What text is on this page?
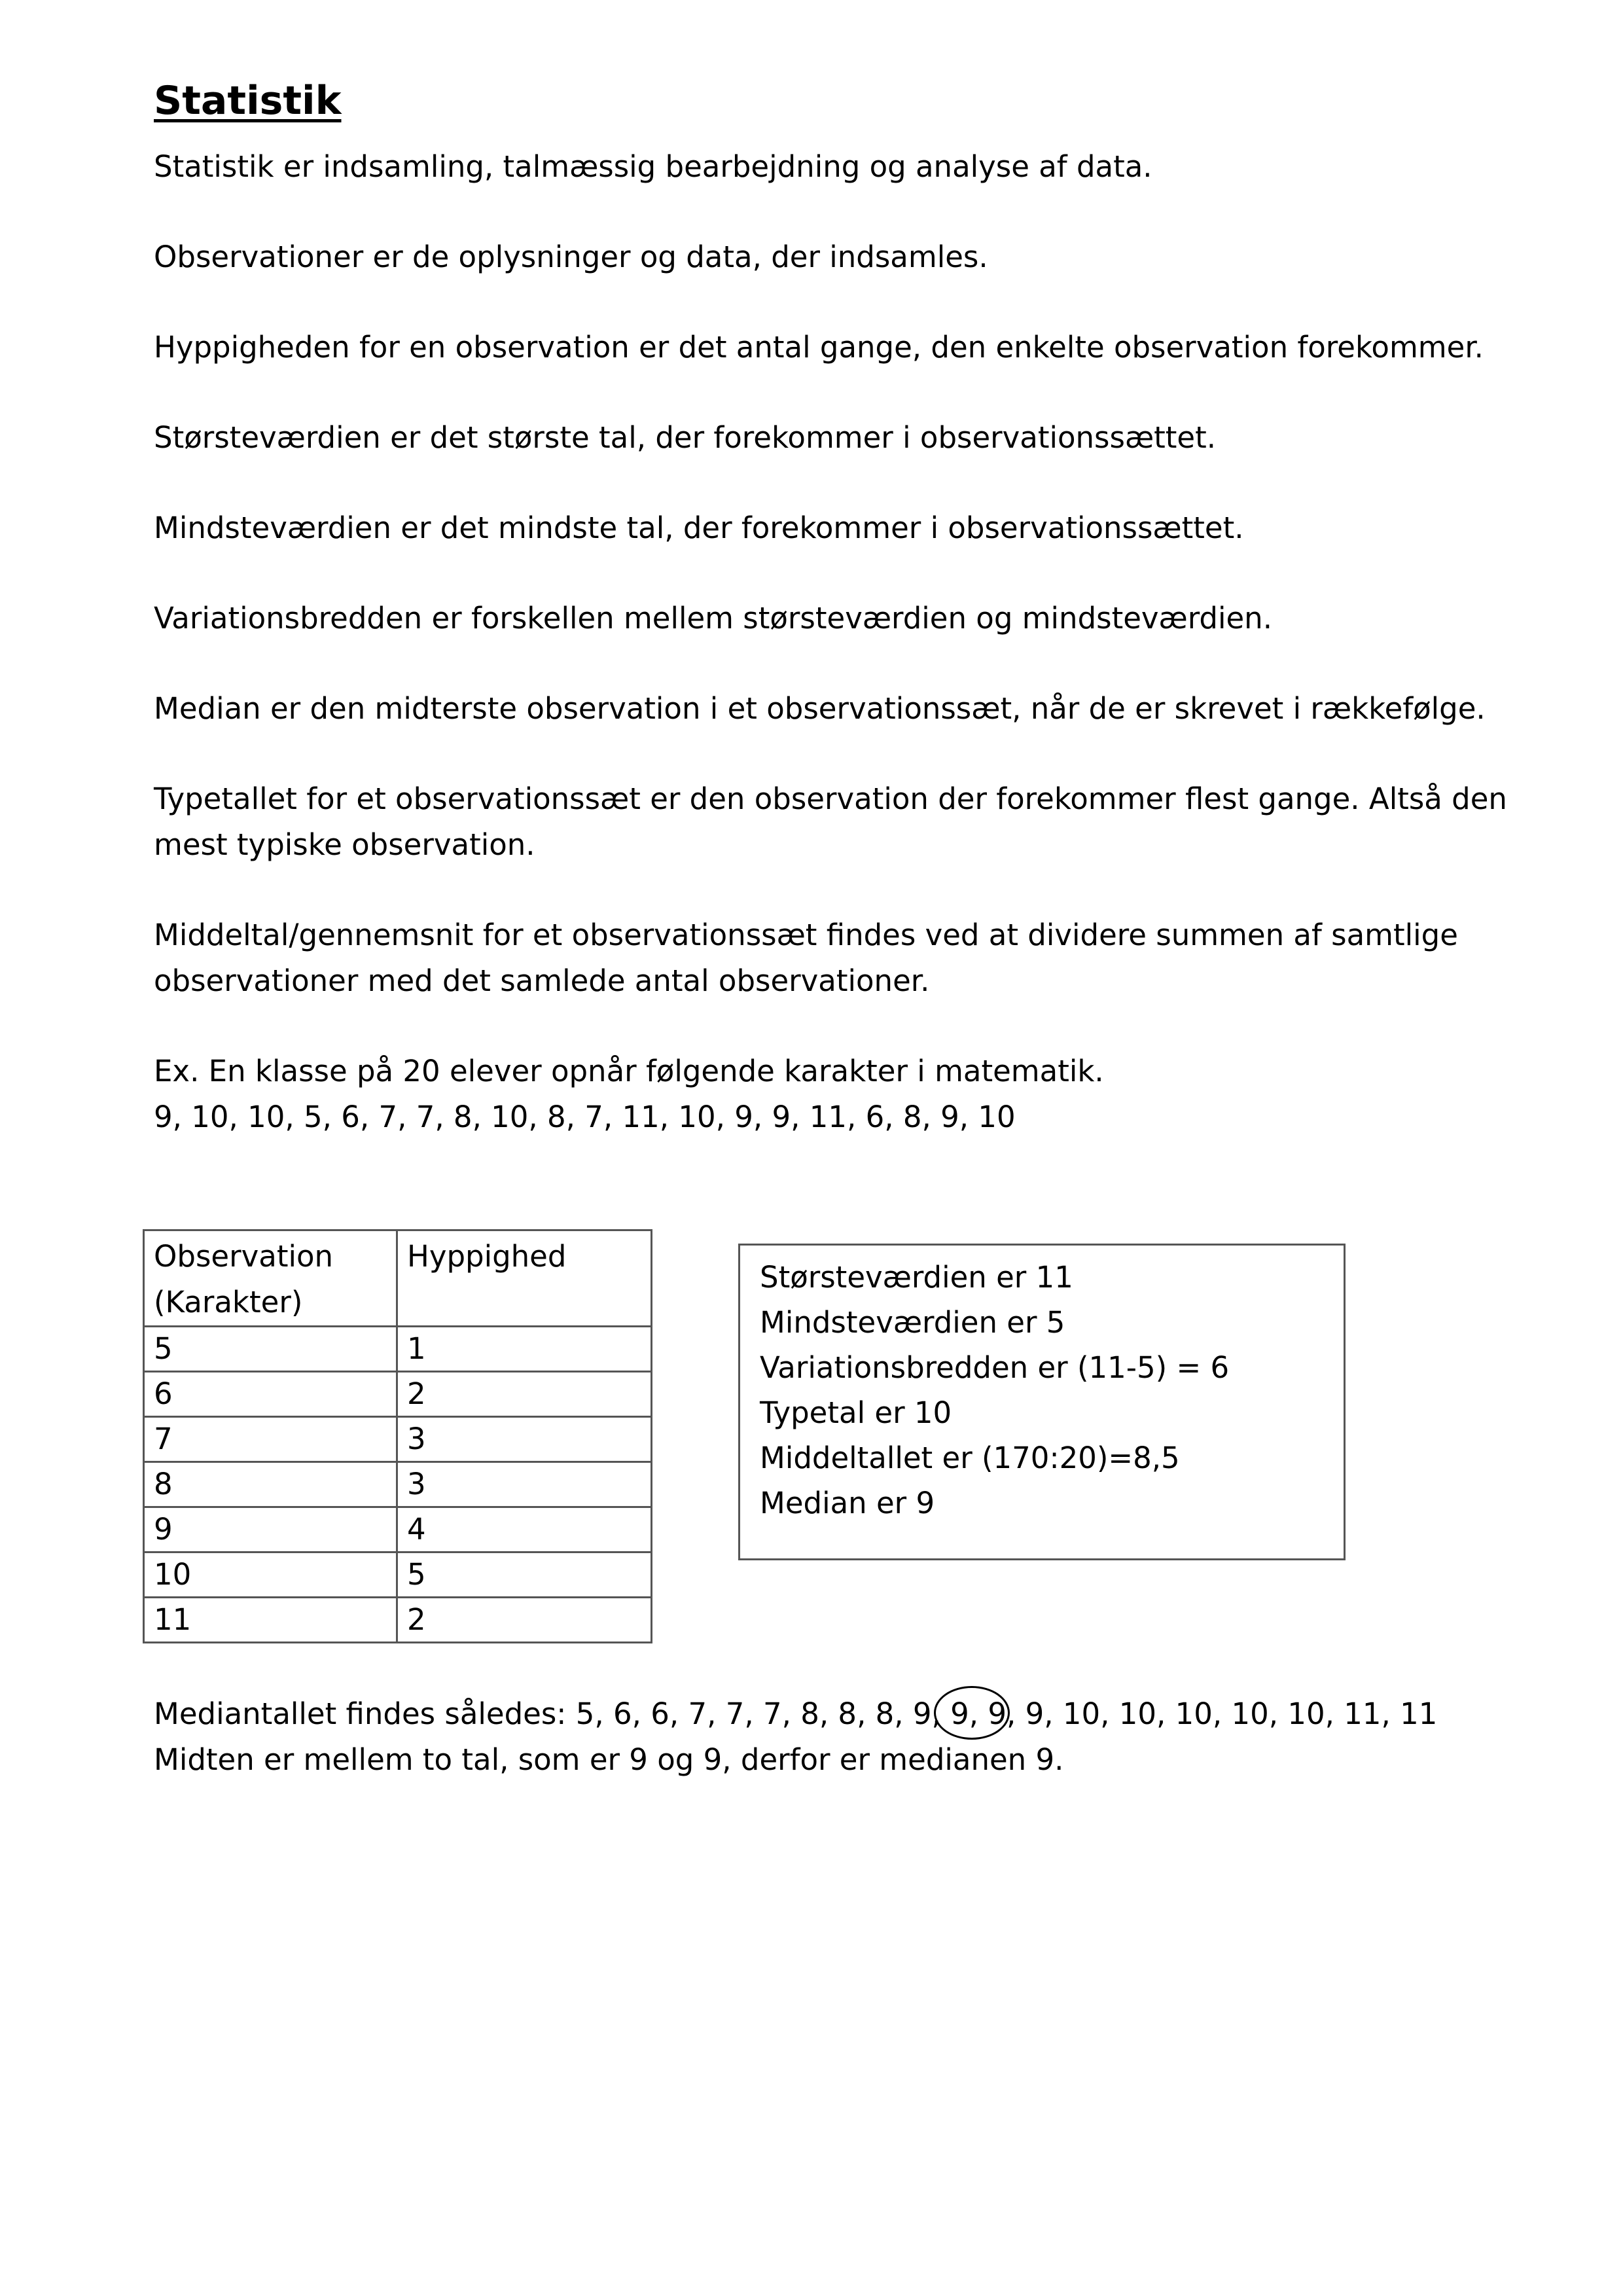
Statistik

Statistik er indsamling, talmæssig bearbejdning og analyse af data.

Observationer er de oplysninger og data, der indsamles.

Hyppigheden for en observation er det antal gange, den enkelte observation forekommer.

Størsteværdien er det største tal, der forekommer i observationssættet.

Mindsteværdien er det mindste tal, der forekommer i observationssættet.

Variationsbredden er forskellen mellem størsteværdien og mindsteværdien.

Median er den midterste observation i et observationssæt, når de er skrevet i rækkefølge.

Typetallet for et observationssæt er den observation der forekommer flest gange. Altså den
mest typiske observation.

Middeltal/gennemsnit for et observationssæt findes ved at dividere summen af samtlige
observationer med det samlede antal observationer.

Ex. En klasse på 20 elever opnår følgende karakter i matematik.
9, 10, 10, 5, 6, 7, 7, 8, 10, 8, 7, 11, 10, 9, 9, 11, 6, 8, 9, 10

Observation
(Karakter)	Hyppighed
5	1
6	2
7	3
8	3
9	4
10	5
11	2
Størsteværdien er 11
Mindsteværdien er 5
Variationsbredden er (11-5) = 6
Typetal er 10
Middeltallet er (170:20)=8,5
Median er 9

Mediantallet findes således: 5, 6, 6, 7, 7, 7, 8, 8, 8, 9, 9, 9, 9, 10, 10, 10, 10, 10, 11, 11
Midten er mellem to tal, som er 9 og 9, derfor er medianen 9.
